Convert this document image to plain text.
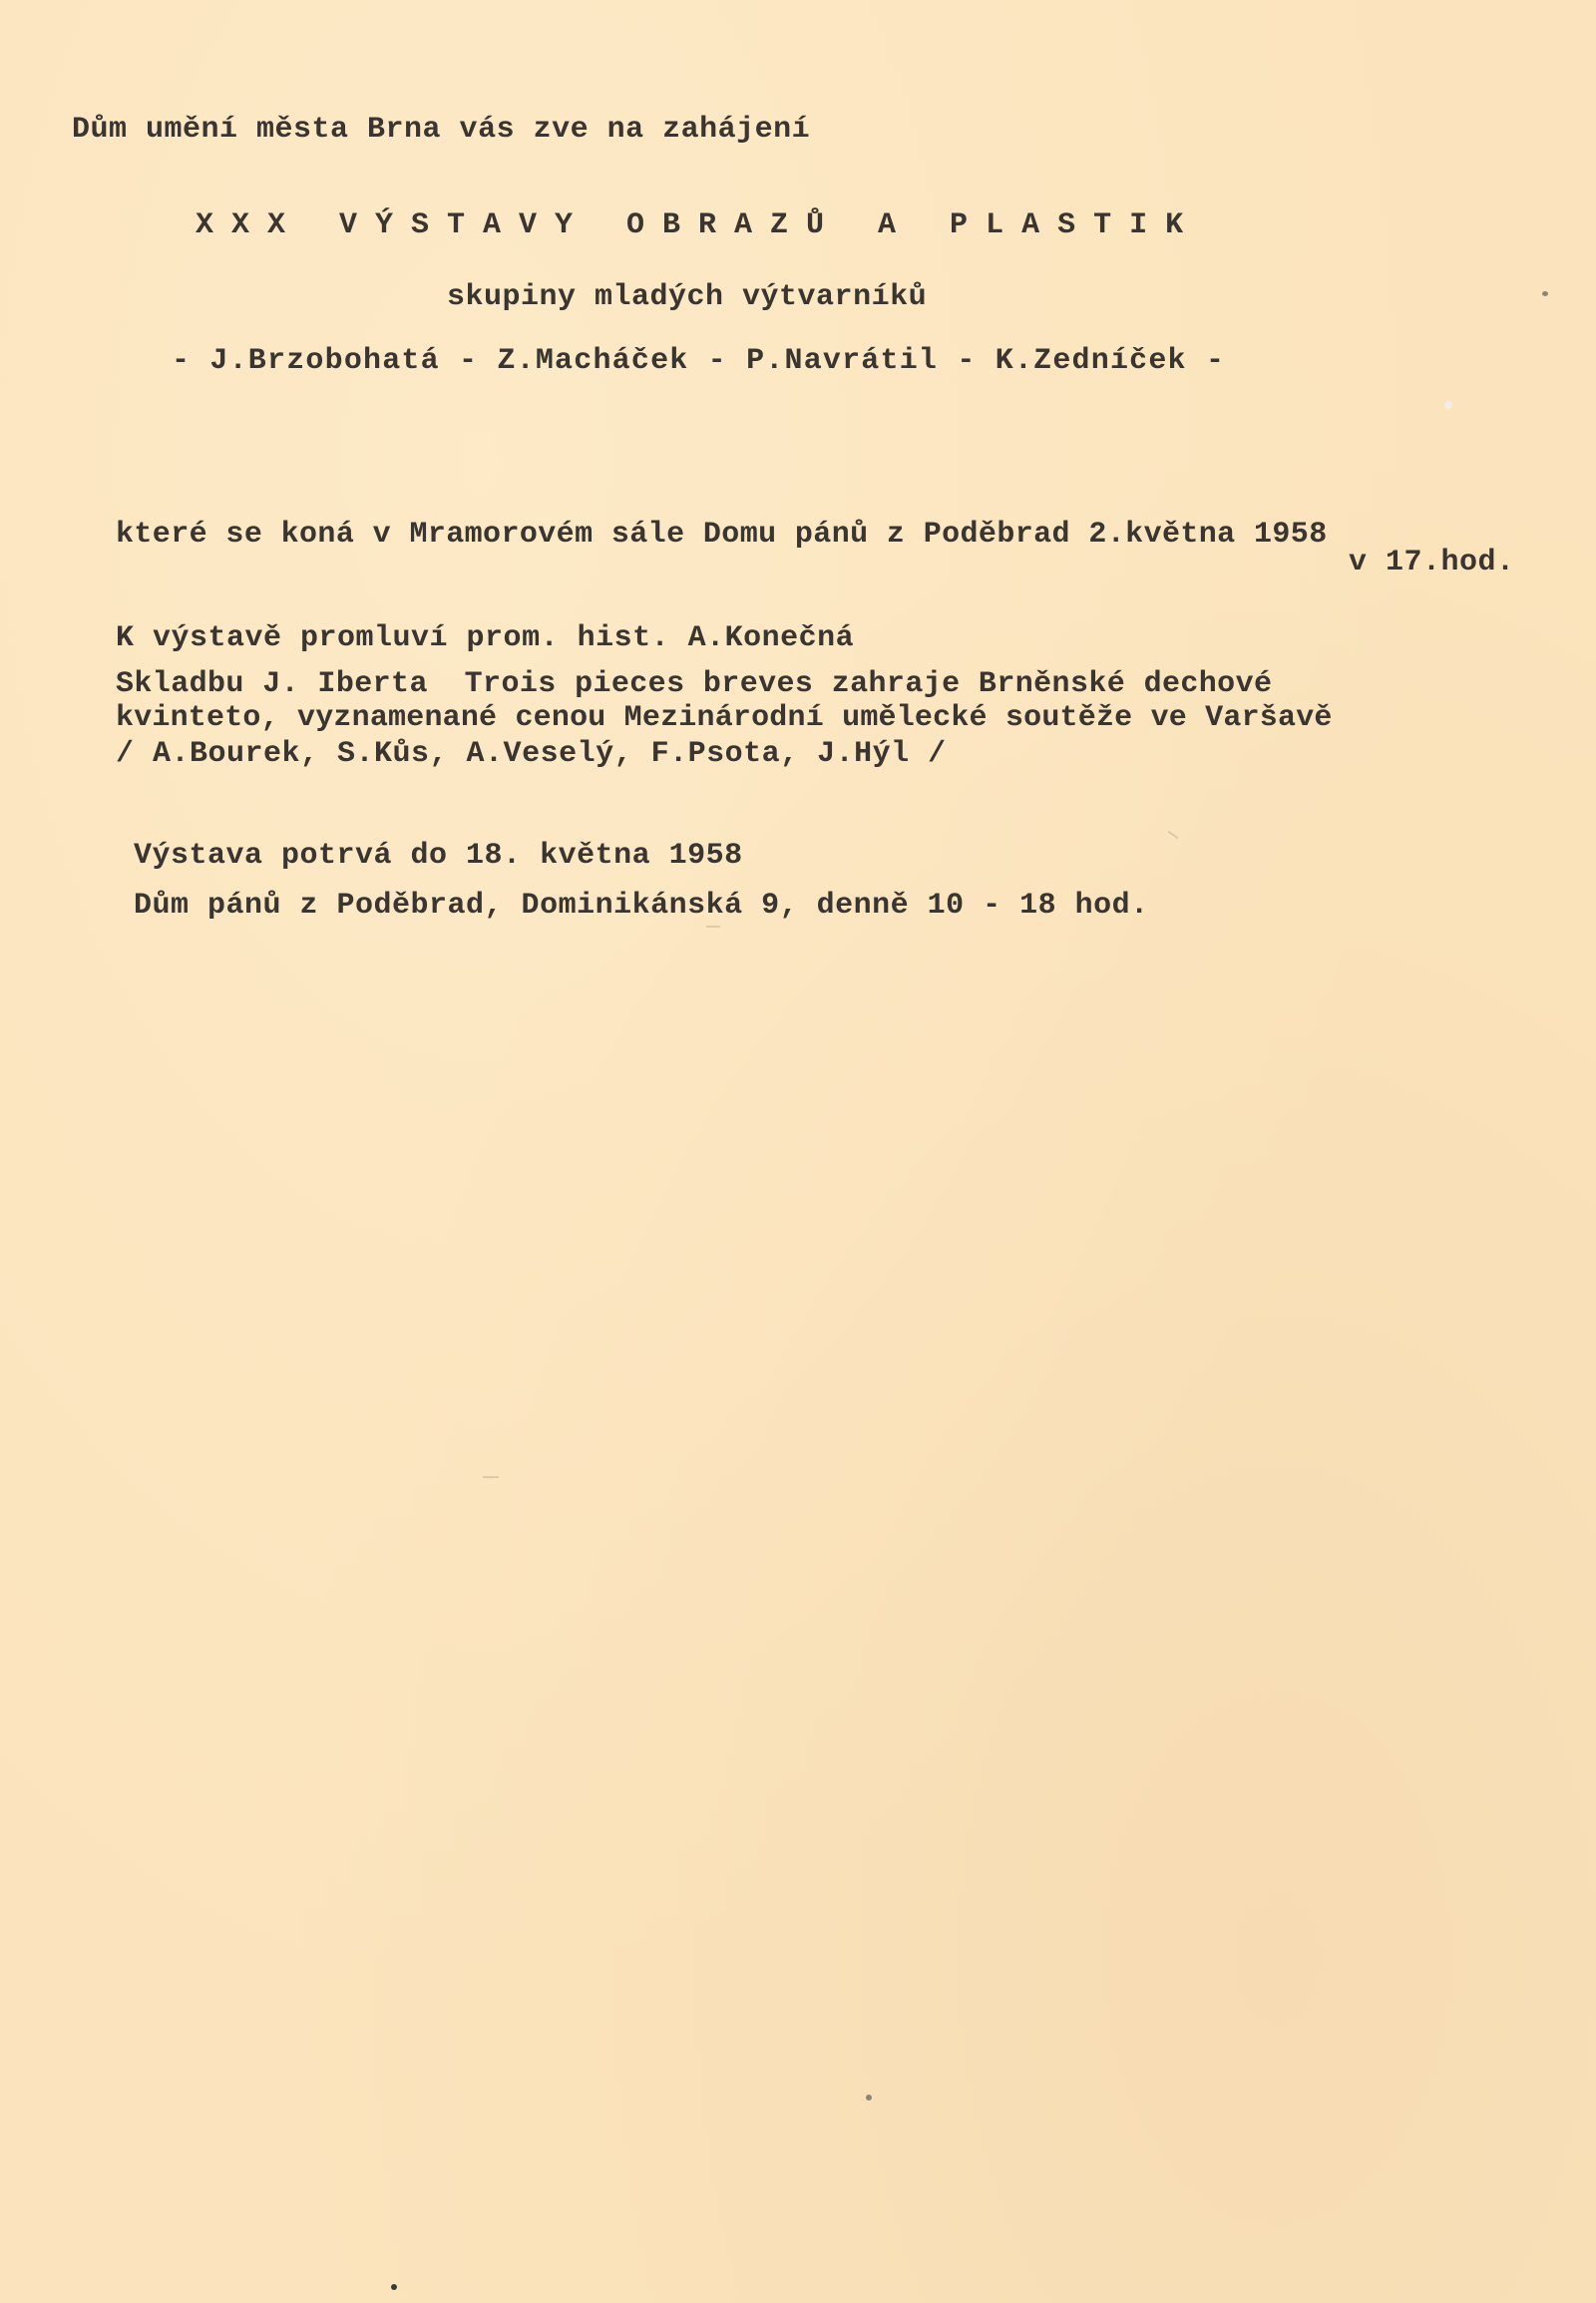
Dům umění města Brna vás zve na zahájení
XXX VÝSTAVY OBRAZŮ A PLASTIK
skupiny mladých výtvarníků
- J.Brzobohatá - Z.Macháček - P.Navrátil - K.Zedníček -
které se koná v Mramorovém sále Domu pánů z Poděbrad 2.května 1958
v 17.hod.
K výstavě promluví prom. hist. A.Konečná
Skladbu J. Iberta  Trois pieces breves zahraje Brněnské dechové
kvinteto, vyznamenané cenou Mezinárodní umělecké soutěže ve Varšavě
/ A.Bourek, S.Kůs, A.Veselý, F.Psota, J.Hýl /
Výstava potrvá do 18. května 1958
Dům pánů z Poděbrad, Dominikánská 9, denně 10 - 18 hod.
